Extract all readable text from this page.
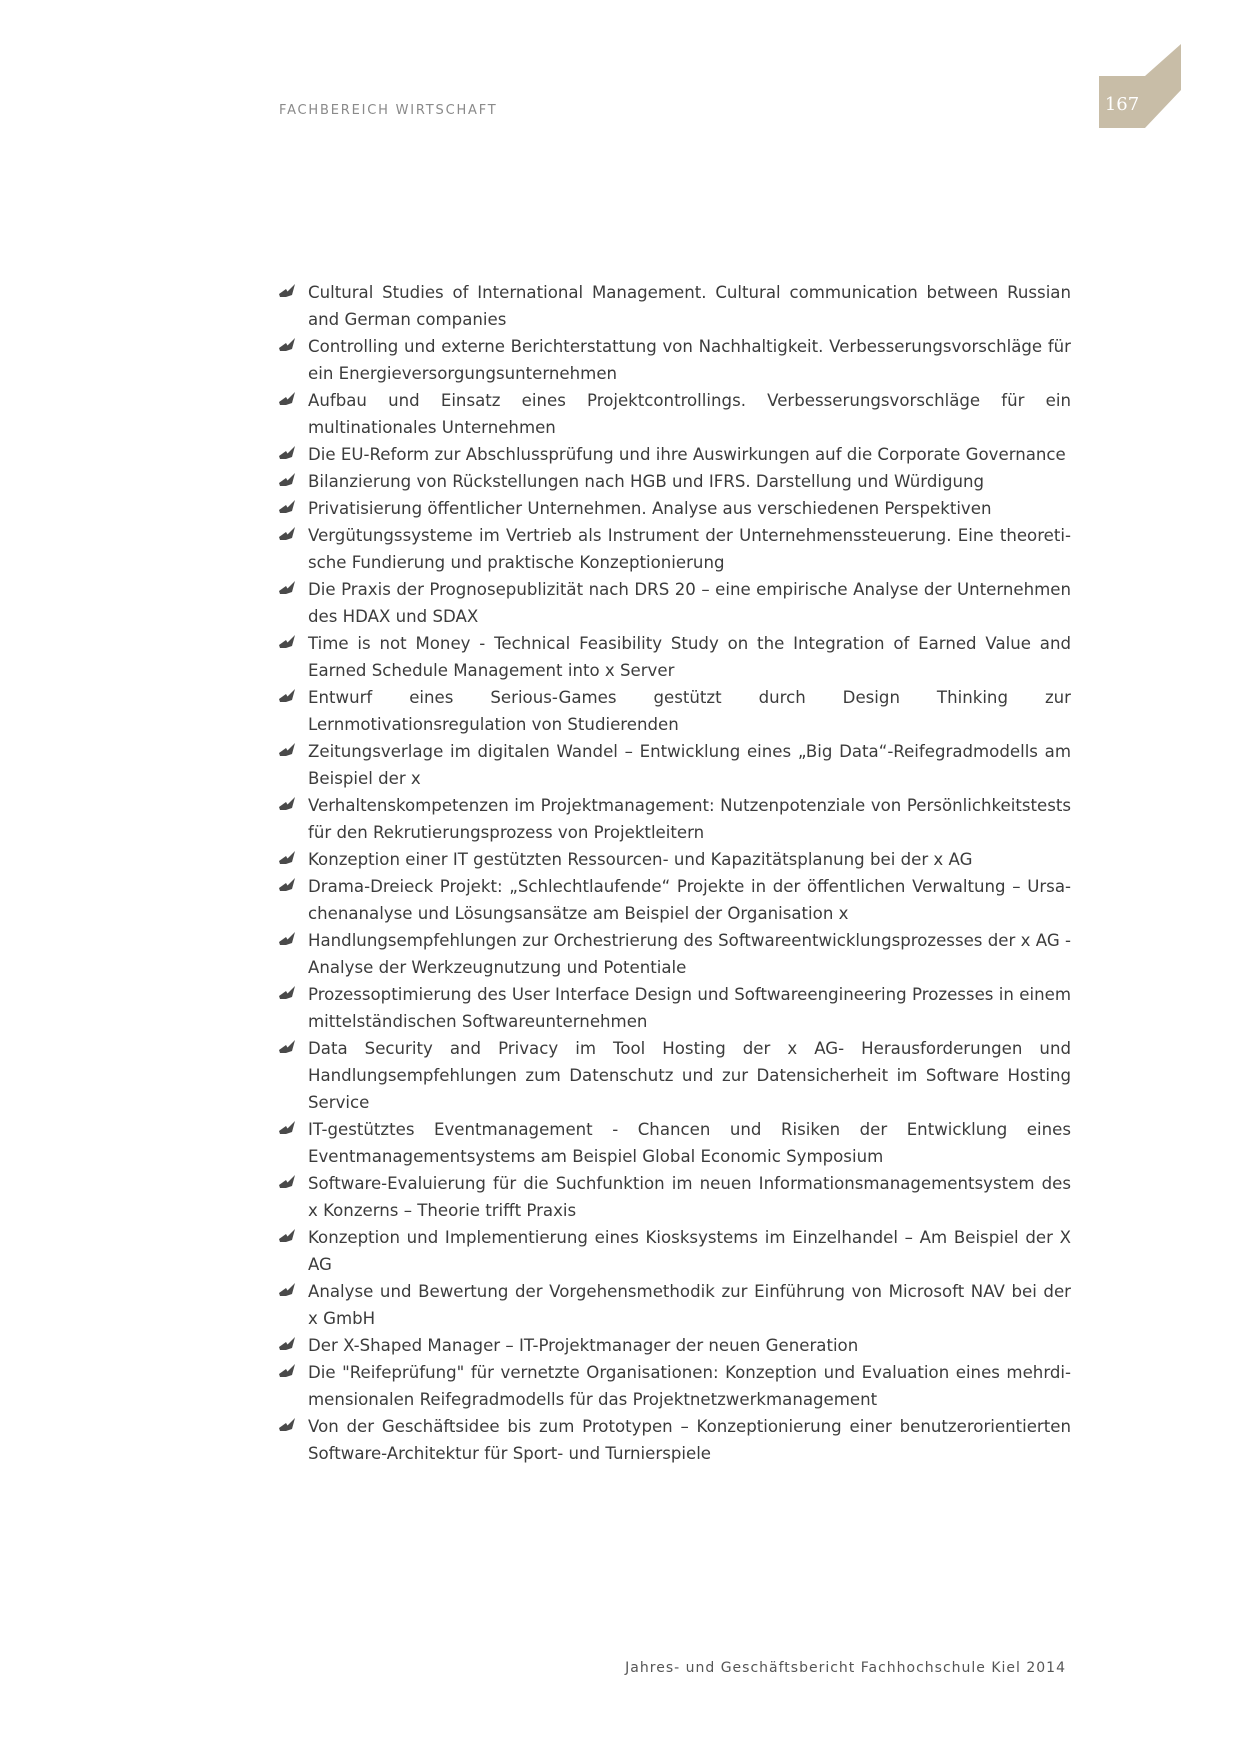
FACHBEREICH WIRTSCHAFT	167
Cultural Studies of International Management. Cultural communication between Russian and German companies
Controlling und externe Berichterstattung von Nachhaltigkeit. Verbesserungsvorschläge für ein Energieversorgungsunternehmen
Aufbau und Einsatz eines Projektcontrollings. Verbesserungsvorschläge für ein multinationales Unternehmen
Die EU-Reform zur Abschlussprüfung und ihre Auswirkungen auf die Corporate Governance
Bilanzierung von Rückstellungen nach HGB und IFRS. Darstellung und Würdigung
Privatisierung öffentlicher Unternehmen. Analyse aus verschiedenen Perspektiven
Vergütungssysteme im Vertrieb als Instrument der Unternehmenssteuerung. Eine theoretische Fundierung und praktische Konzeptionierung
Die Praxis der Prognosepublizität nach DRS 20 – eine empirische Analyse der Unternehmen des HDAX und SDAX
Time is not Money - Technical Feasibility Study on the Integration of Earned Value and Earned Schedule Management into x Server
Entwurf eines Serious-Games gestützt durch Design Thinking zur Lernmotivationsregulation von Studierenden
Zeitungsverlage im digitalen Wandel – Entwicklung eines „Big Data“-Reifegradmodells am Beispiel der x
Verhaltenskompetenzen im Projektmanagement: Nutzenpotenziale von Persönlichkeitstests für den Rekrutierungsprozess von Projektleitern
Konzeption einer IT gestützten Ressourcen- und Kapazitätsplanung bei der x AG
Drama-Dreieck Projekt: „Schlechtlaufende“ Projekte in der öffentlichen Verwaltung – Ursachenanalyse und Lösungsansätze am Beispiel der Organisation x
Handlungsempfehlungen zur Orchestrierung des Softwareentwicklungsprozesses der x AG - Analyse der Werkzeugnutzung und Potentiale
Prozessoptimierung des User Interface Design und Softwareengineering Prozesses in einem mittelständischen Softwareunternehmen
Data Security and Privacy im Tool Hosting der x AG- Herausforderungen und Handlungsempfehlungen zum Datenschutz und zur Datensicherheit im Software Hosting Service
IT-gestütztes Eventmanagement - Chancen und Risiken der Entwicklung eines Eventmanagementsystems am Beispiel Global Economic Symposium
Software-Evaluierung für die Suchfunktion im neuen Informationsmanagementsystem des x Konzerns – Theorie trifft Praxis
Konzeption und Implementierung eines Kiosksystems im Einzelhandel – Am Beispiel der X AG
Analyse und Bewertung der Vorgehensmethodik zur Einführung von Microsoft NAV bei der x GmbH
Der X-Shaped Manager – IT-Projektmanager der neuen Generation
Die "Reifeprüfung" für vernetzte Organisationen: Konzeption und Evaluation eines mehrdimensionalen Reifegradmodells für das Projektnetzwerkmanagement
Von der Geschäftsidee bis zum Prototypen – Konzeptionierung einer benutzerorientierten Software-Architektur für Sport- und Turnierspiele
Jahres- und Geschäftsbericht Fachhochschule Kiel 2014
